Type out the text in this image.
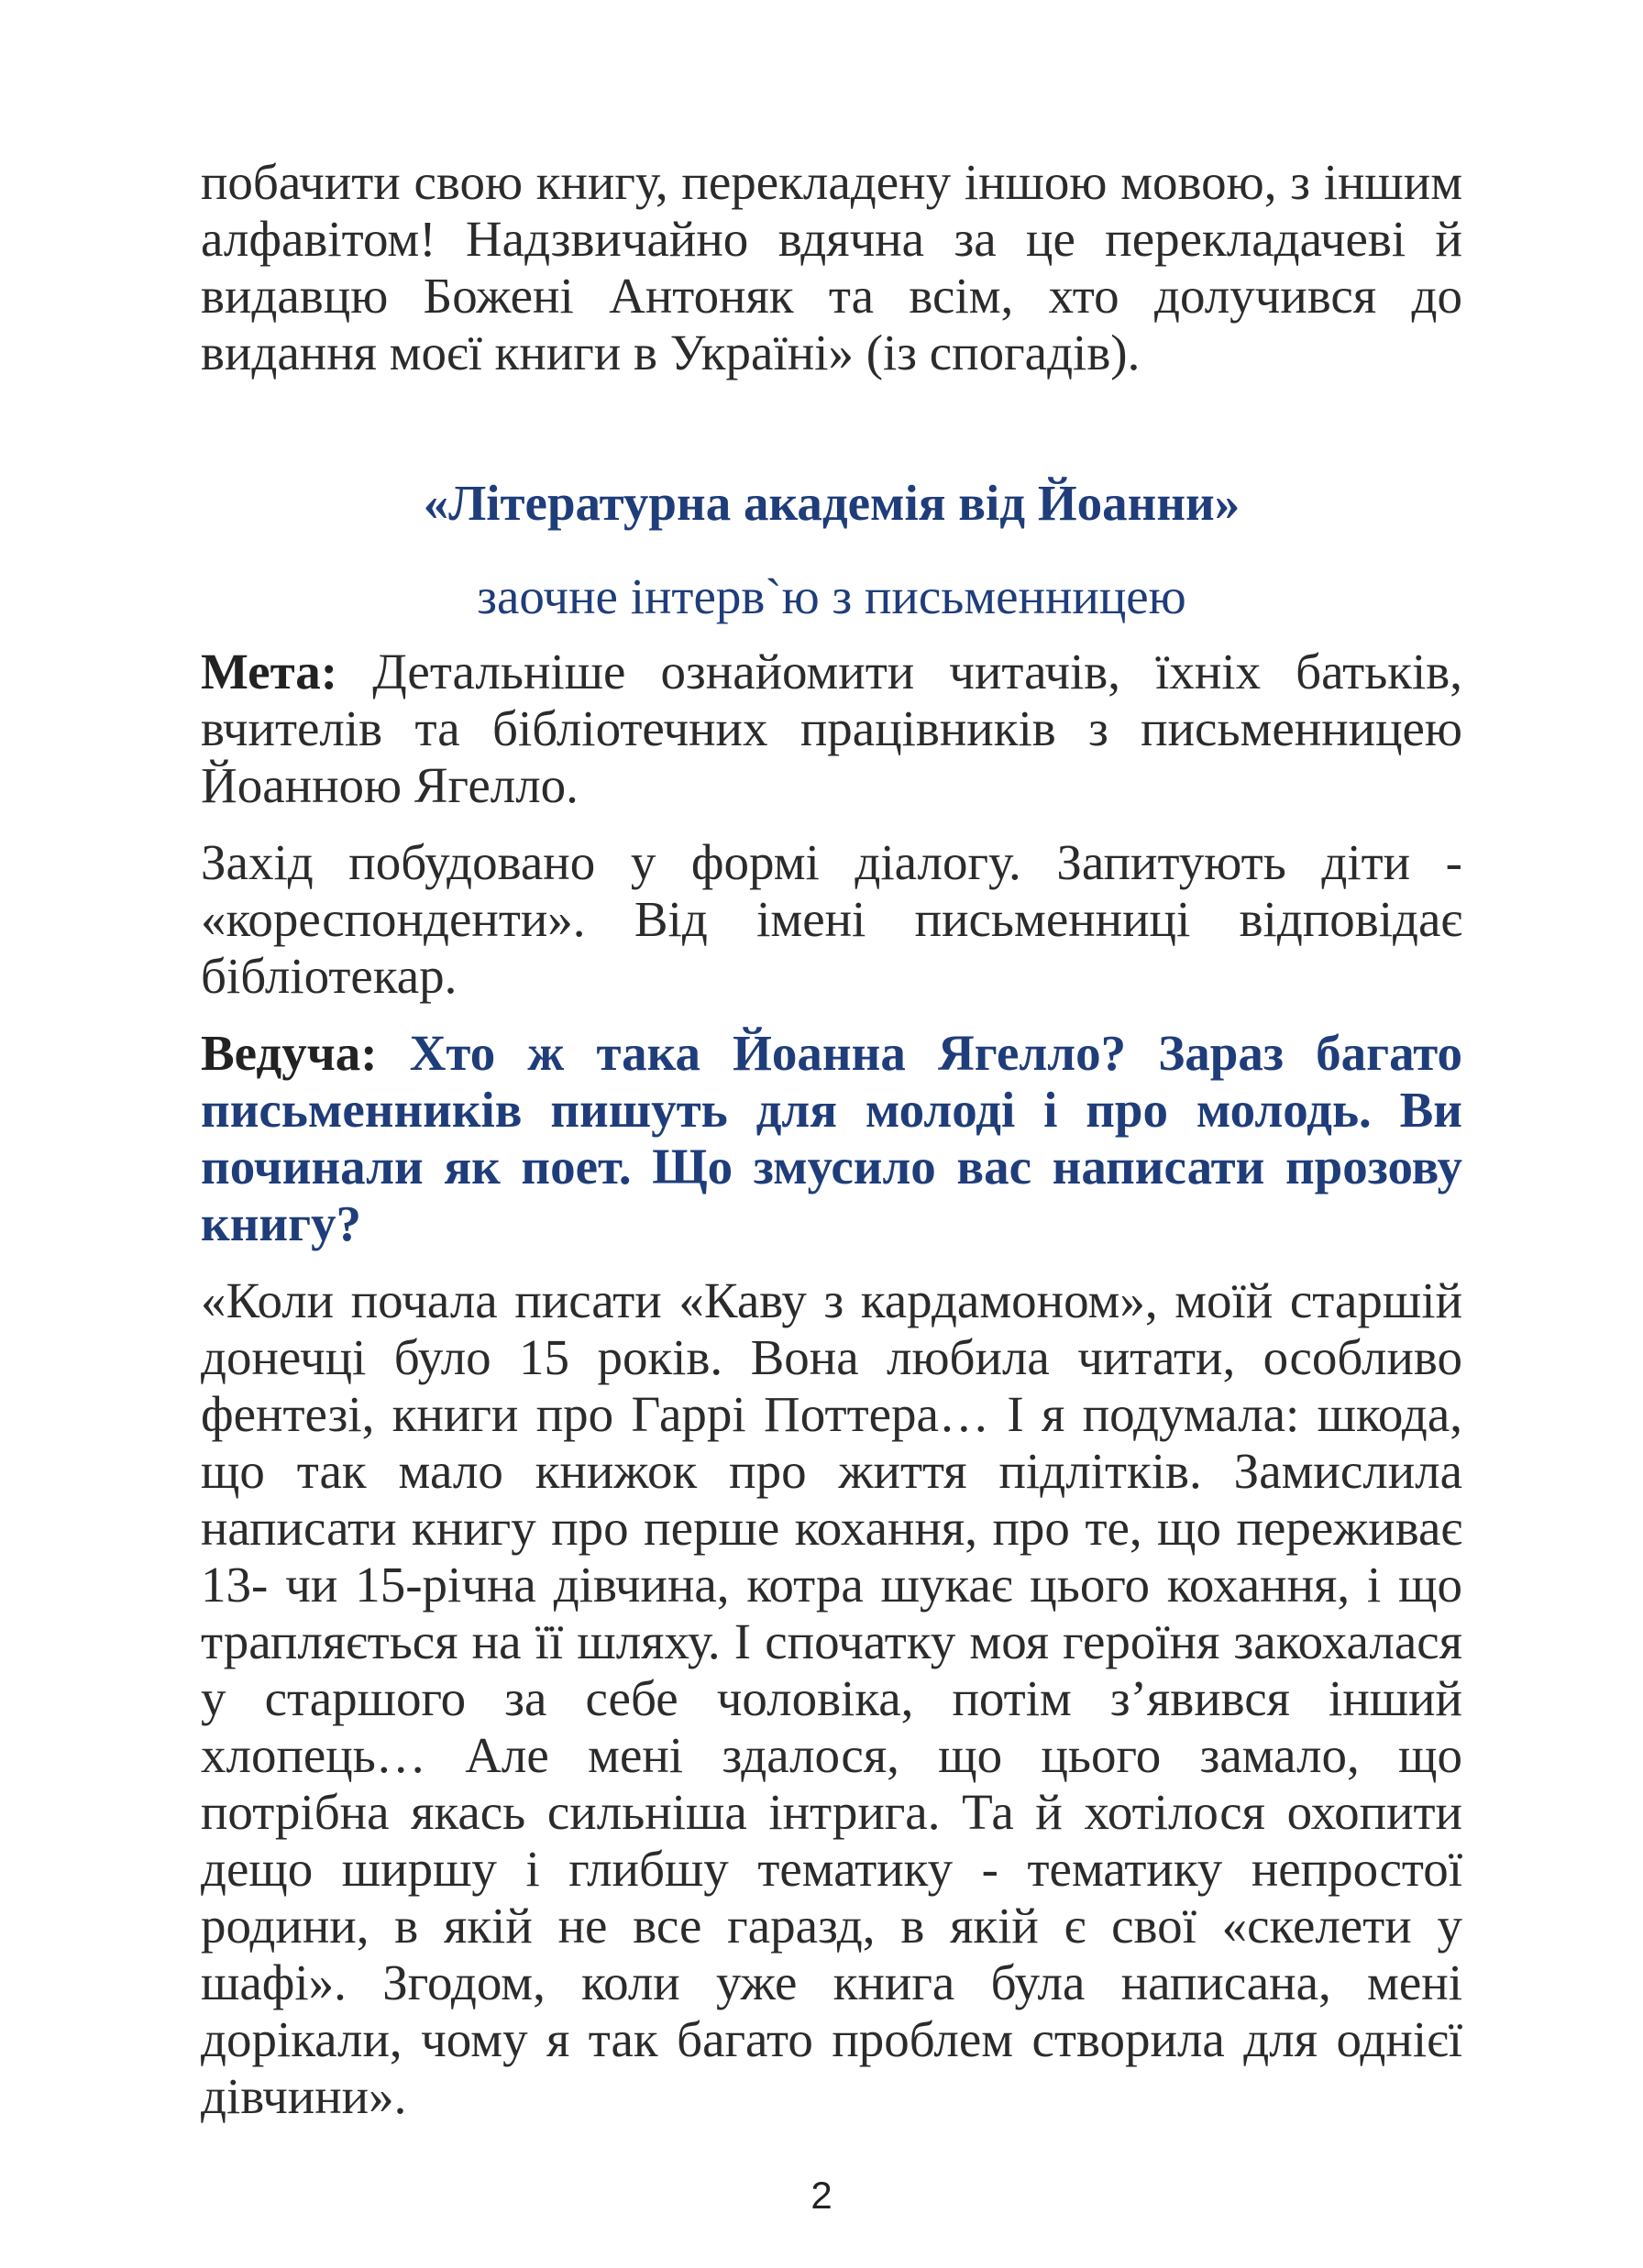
побачити свою книгу, перекладену іншою мовою, з іншим алфавітом! Надзвичайно вдячна за це перекладачеві й видавцю Божені Антоняк та всім, хто долучився до видання моєї книги в Україні» (із спогадів).

«Літературна академія від Йоанни»
заочне інтерв`ю з письменницею

Мета: Детальніше ознайомити читачів, їхніх батьків, вчителів та бібліотечних працівників з письменницею Йоанною Ягелло.

Захід побудовано у формі діалогу. Запитують діти - «кореспонденти». Від імені письменниці відповідає бібліотекар.

Ведуча: Хто ж така Йоанна Ягелло? Зараз багато письменників пишуть для молоді і про молодь. Ви починали як поет. Що змусило вас написати прозову книгу?

«Коли почала писати «Каву з кардамоном», моїй старшій донечці було 15 років. Вона любила читати, особливо фентезі, книги про Гаррі Поттера… І я подумала: шкода, що так мало книжок про життя підлітків. Замислила написати книгу про перше кохання, про те, що переживає 13- чи 15-річна дівчина, котра шукає цього кохання, і що трапляється на її шляху. І спочатку моя героїня закохалася у старшого за себе чоловіка, потім з’явився інший хлопець… Але мені здалося, що цього замало, що потрібна якась сильніша інтрига. Та й хотілося охопити дещо ширшу і глибшу тематику - тематику непростої родини, в якій не все гаразд, в якій є свої «скелети у шафі». Згодом, коли уже книга була написана, мені дорікали, чому я так багато проблем створила для однієї дівчини».

2
